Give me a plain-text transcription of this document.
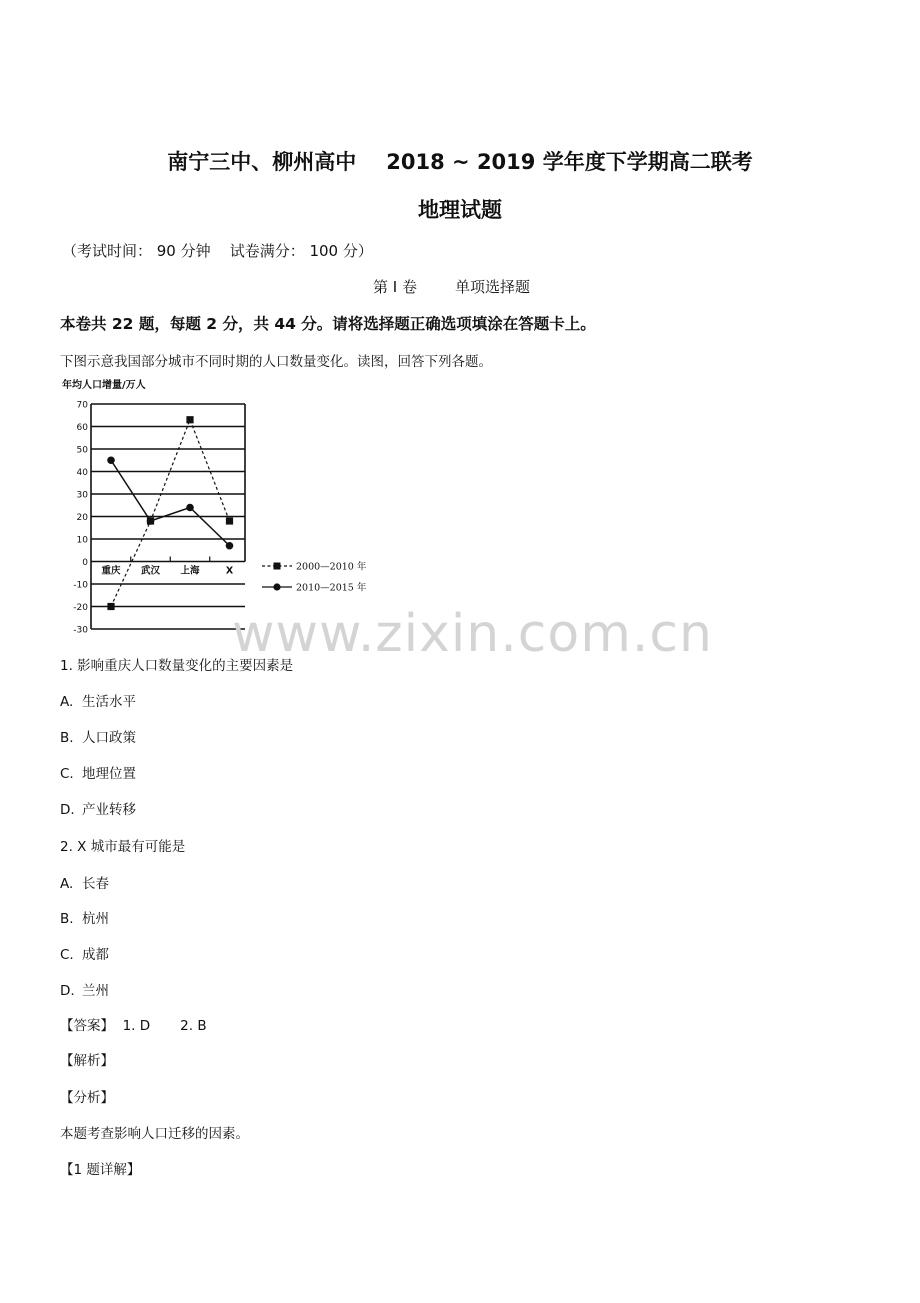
南宁三中、柳州高中 2018 ~ 2019 学年度下学期高二联考
地理试题
（考试时间： 90 分钟 试卷满分： 100 分）
第 I 卷	单项选择题
本卷共 22 题，每题 2 分，共 44 分。请将选择题正确选项填涂在答题卡上。
下图示意我国部分城市不同时期的人口数量变化。读图，回答下列各题。
年均人口增量/万人
70
60
50
40
30
20
10
0
-10
-20
-30
重庆 武汉 上海	X	2000—2010 年
2010—2015 年
www.zixin.com.cn
1. 影响重庆人口数量变化的主要因素是
A. 生活水平
B. 人口政策
C. 地理位置
D. 产业转移
2. X 城市最有可能是
A. 长春
B. 杭州
C. 成都
D. 兰州
【答案】 1. D 2. B
【解析】
【分析】
本题考查影响人口迁移的因素。
【1 题详解】
